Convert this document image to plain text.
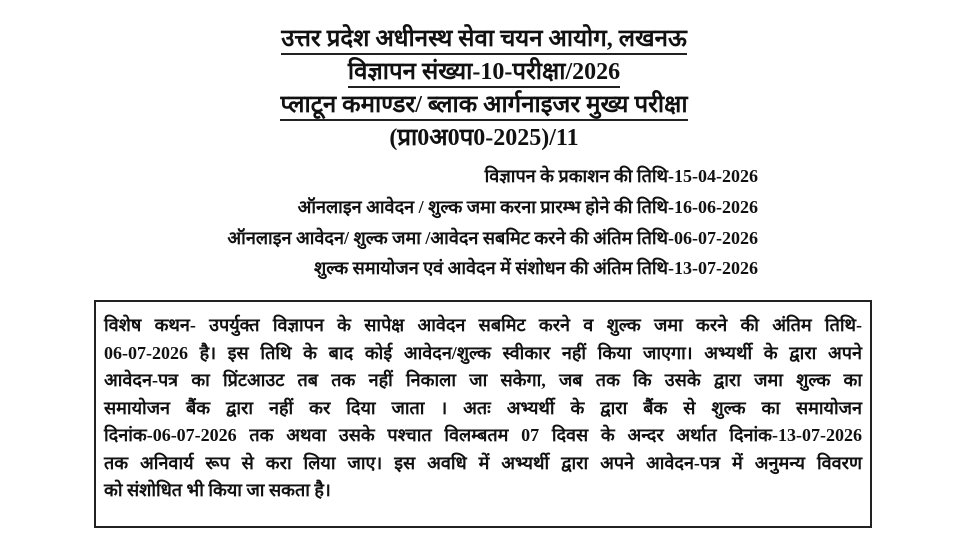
उत्तर प्रदेश अधीनस्थ सेवा चयन आयोग, लखनऊ
विज्ञापन संख्या-10-परीक्षा/2026
प्लाटून कमाण्डर/ ब्लाक आर्गनाइजर मुख्य परीक्षा
(प्रा0अ0प0-2025)/11
विज्ञापन के प्रकाशन की तिथि-15-04-2026
ऑनलाइन आवेदन / शुल्क जमा करना प्रारम्भ होने की तिथि-16-06-2026
ऑनलाइन आवेदन/ शुल्क जमा /आवेदन सबमिट करने की अंतिम तिथि-06-07-2026
शुल्क समायोजन एवं आवेदन में संशोधन की अंतिम तिथि-13-07-2026
विशेष कथन- उपर्युक्त विज्ञापन के सापेक्ष आवेदन सबमिट करने व शुल्क जमा करने की अंतिम तिथि-
06-07-2026 है। इस तिथि के बाद कोई आवेदन/शुल्क स्वीकार नहीं किया जाएगा। अभ्यर्थी के द्वारा अपने
आवेदन-पत्र का प्रिंटआउट तब तक नहीं निकाला जा सकेगा, जब तक कि उसके द्वारा जमा शुल्क का
समायोजन बैंक द्वारा नहीं कर दिया जाता । अतः अभ्यर्थी के द्वारा बैंक से शुल्क का समायोजन
दिनांक-06-07-2026 तक अथवा उसके पश्चात विलम्बतम 07 दिवस के अन्दर अर्थात दिनांक-13-07-2026
तक अनिवार्य रूप से करा लिया जाए। इस अवधि में अभ्यर्थी द्वारा अपने आवेदन-पत्र में अनुमन्य विवरण
को संशोधित भी किया जा सकता है।
